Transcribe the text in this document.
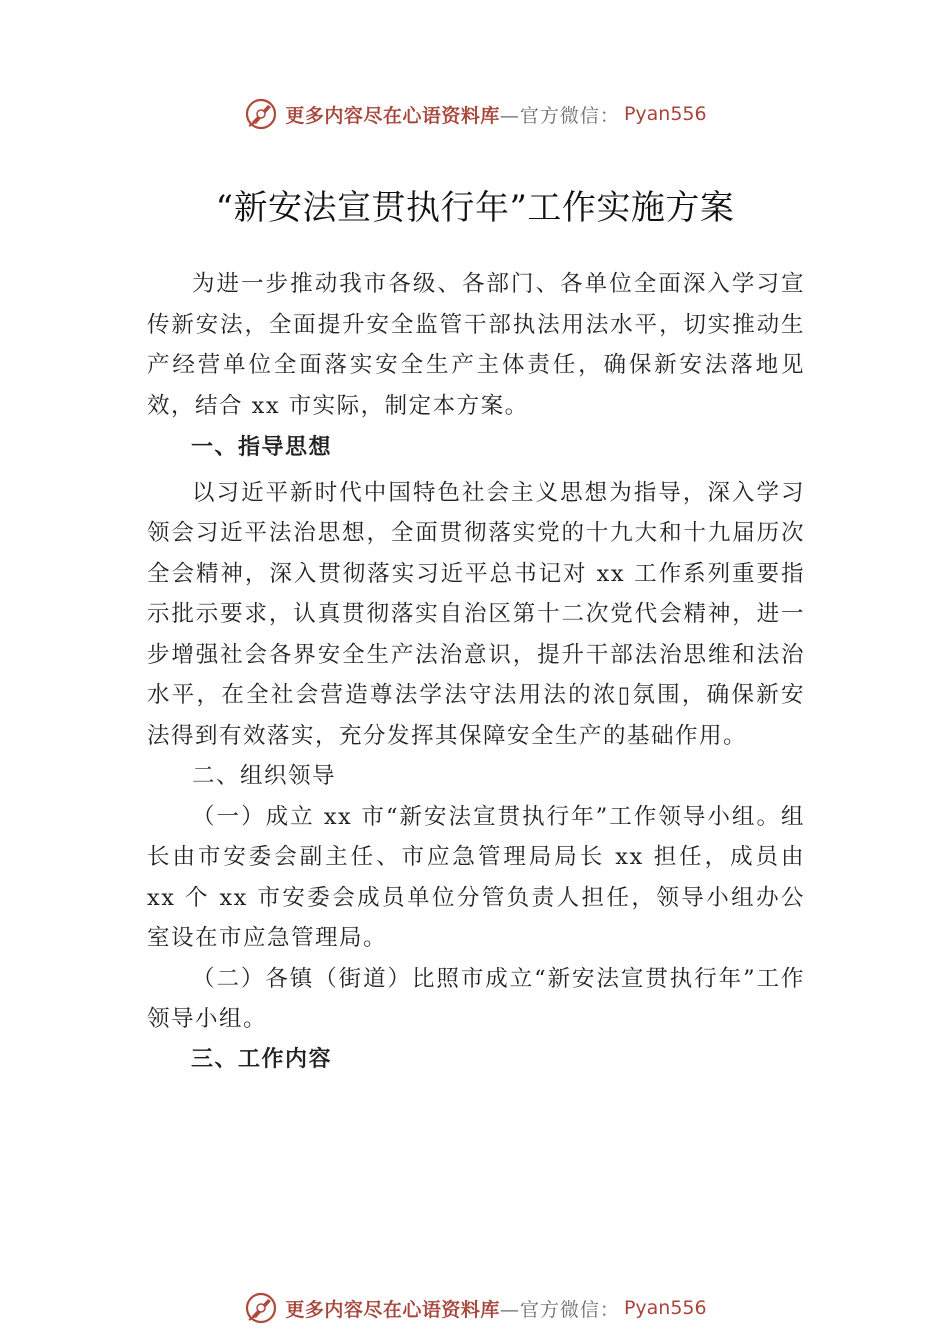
更多内容尽在心语资料库 —官方微信： Pyan556
“新安法宣贯执行年”工作实施方案

为进一步推动我市各级、各部门、各单位全面深入学习宣传新安法，全面提升安全监管干部执法用法水平，切实推动生产经营单位全面落实安全生产主体责任，确保新安法落地见效，结合 xx 市实际，制定本方案。

一、指导思想

以习近平新时代中国特色社会主义思想为指导，深入学习领会习近平法治思想，全面贯彻落实党的十九大和十九届历次全会精神，深入贯彻落实习近平总书记对 xx 工作系列重要指示批示要求，认真贯彻落实自治区第十二次党代会精神，进一步增强社会各界安全生产法治意识，提升干部法治思维和法治水平，在全社会营造尊法学法守法用法的浓▯氛围，确保新安法得到有效落实，充分发挥其保障安全生产的基础作用。

二、组织领导

（一）成立 xx 市“新安法宣贯执行年”工作领导小组。组长由市安委会副主任、市应急管理局局长 xx 担任，成员由 xx 个 xx 市安委会成员单位分管负责人担任，领导小组办公室设在市应急管理局。

（二）各镇（街道）比照市成立“新安法宣贯执行年”工作领导小组。

三、工作内容

更多内容尽在心语资料库 —官方微信： Pyan556
